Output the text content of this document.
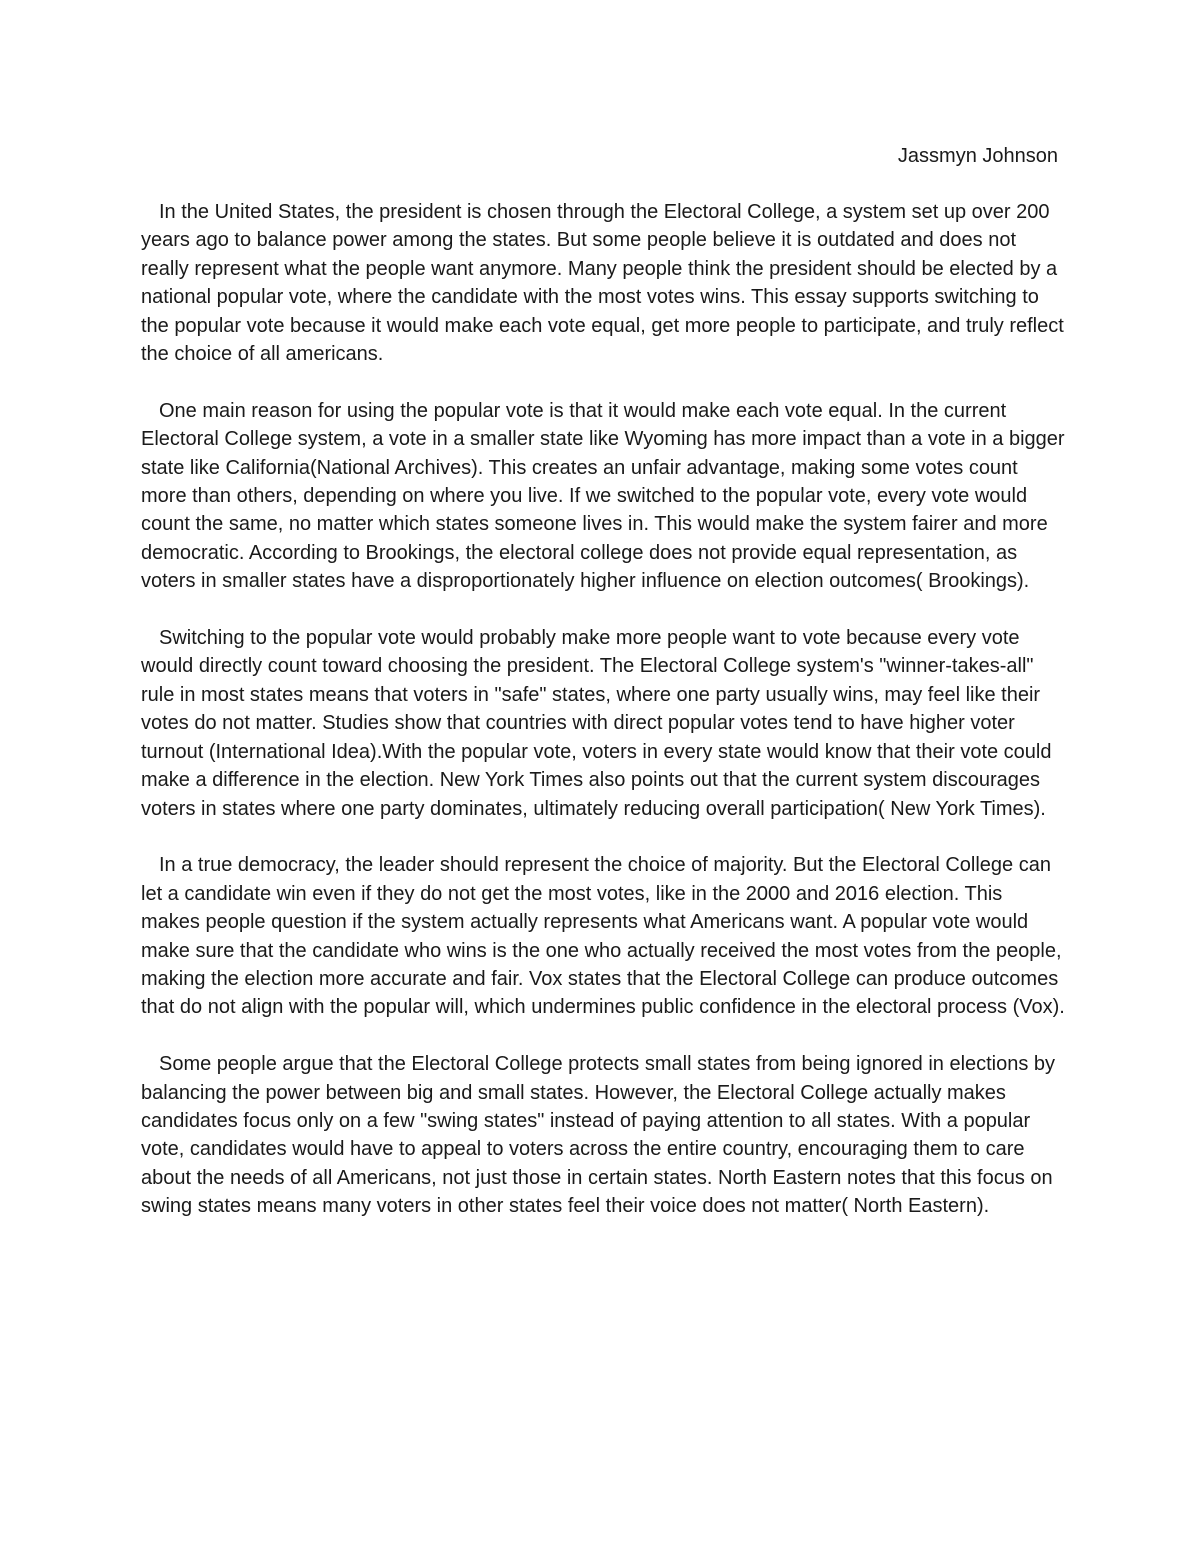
Jassmyn Johnson

In the United States, the president is chosen through the Electoral College, a system set up over 200 years ago to balance power among the states. But some people believe it is outdated and does not really represent what the people want anymore. Many people think the president should be elected by a national popular vote, where the candidate with the most votes wins. This essay supports switching to the popular vote because it would make each vote equal, get more people to participate, and truly reflect the choice of all americans.

One main reason for using the popular vote is that it would make each vote equal. In the current Electoral College system, a vote in a smaller state like Wyoming has more impact than a vote in a bigger state like California(National Archives). This creates an unfair advantage, making some votes count more than others, depending on where you live. If we switched to the popular vote, every vote would count the same, no matter which states someone lives in. This would make the system fairer and more democratic. According to Brookings, the electoral college does not provide equal representation, as voters in smaller states have a disproportionately higher influence on election outcomes( Brookings).

Switching to the popular vote would probably make more people want to vote because every vote would directly count toward choosing the president. The Electoral College system's "winner-takes-all" rule in most states means that voters in "safe" states, where one party usually wins, may feel like their votes do not matter. Studies show that countries with direct popular votes tend to have higher voter turnout (International Idea).With the popular vote, voters in every state would know that their vote could make a difference in the election. New York Times also points out that the current system discourages voters in states where one party dominates, ultimately reducing overall participation( New York Times).

In a true democracy, the leader should represent the choice of majority. But the Electoral College can let a candidate win even if they do not get the most votes, like in the 2000 and 2016 election. This makes people question if the system actually represents what Americans want. A popular vote would make sure that the candidate who wins is the one who actually received the most votes from the people, making the election more accurate and fair. Vox states that the Electoral College can produce outcomes that do not align with the popular will, which undermines public confidence in the electoral process (Vox).

Some people argue that the Electoral College protects small states from being ignored in elections by balancing the power between big and small states. However, the Electoral College actually makes candidates focus only on a few "swing states" instead of paying attention to all states. With a popular vote, candidates would have to appeal to voters across the entire country, encouraging them to care about the needs of all Americans, not just those in certain states. North Eastern notes that this focus on swing states means many voters in other states feel their voice does not matter( North Eastern).
